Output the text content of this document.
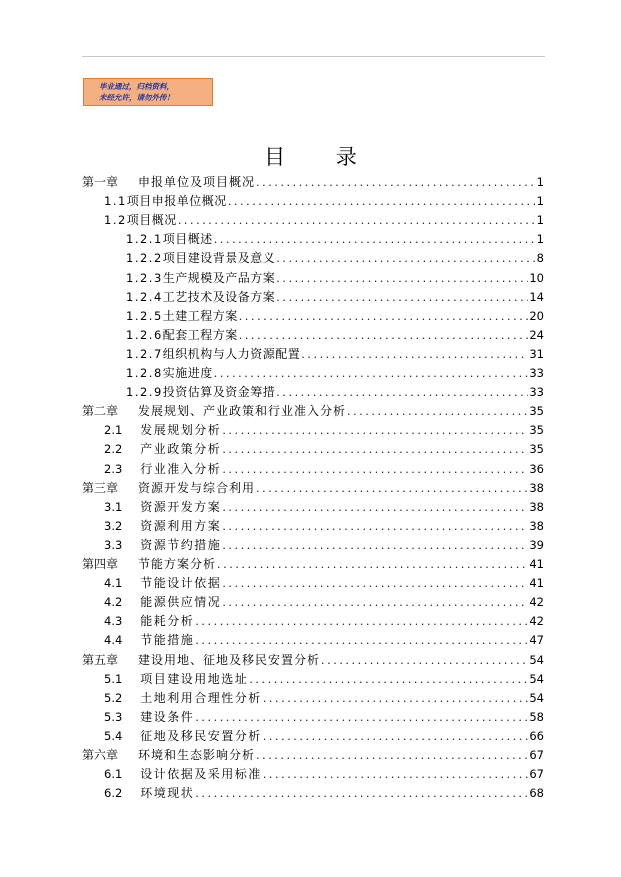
毕业通过，归档资料，
未经允许，请勿外传！
目 录
第一章 申报单位及项目概况 .....	1
1.1项目申报单位概况 .....	1
1.2项目概况 .....	1
1.2.1项目概述 .....	1
1.2.2项目建设背景及意义 .....	8
1.2.3生产规模及产品方案 .....	10
1.2.4工艺技术及设备方案 .....	14
1.2.5土建工程方案 .....	20
1.2.6配套工程方案 .....	24
1.2.7组织机构与人力资源配置 .....	31
1.2.8实施进度 .....	33
1.2.9投资估算及资金筹措 .....	33
第二章 发展规划、产业政策和行业准入分析 .....	35
2.1 发展规划分析 .....	35
2.2 产业政策分析 .....	35
2.3 行业准入分析 .....	36
第三章 资源开发与综合利用 .....	38
3.1 资源开发方案 .....	38
3.2 资源利用方案 .....	38
3.3 资源节约措施 .....	39
第四章 节能方案分析 .....	41
4.1 节能设计依据 .....	41
4.2 能源供应情况 .....	42
4.3 能耗分析 .....	42
4.4 节能措施 .....	47
第五章 建设用地、征地及移民安置分析 .....	54
5.1 项目建设用地选址 .....	54
5.2 土地利用合理性分析 .....	54
5.3 建设条件 .....	58
5.4 征地及移民安置分析 .....	66
第六章 环境和生态影响分析 .....	67
6.1 设计依据及采用标准 .....	67
6.2 环境现状 .....	68
